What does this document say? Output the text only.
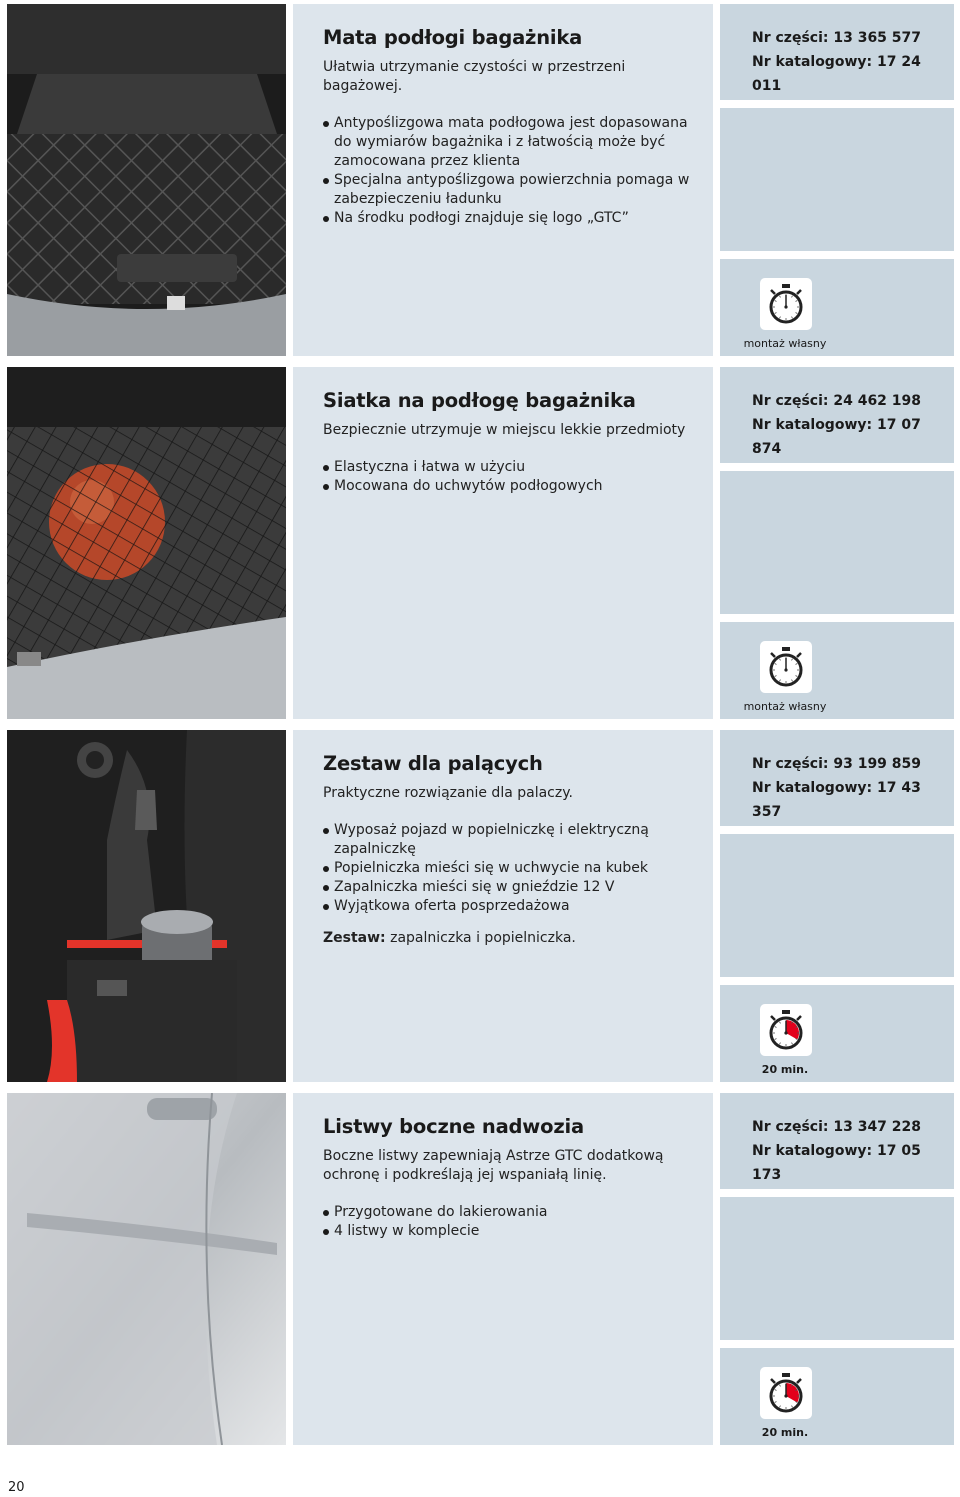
Mata podłogi bagażnika
Ułatwia utrzymanie czystości w przestrzeni bagażowej.
Antypoślizgowa mata podłogowa jest dopasowana do wymiarów bagażnika i z łatwością może być zamocowana przez klienta
Specjalna antypoślizgowa powierzchnia pomaga w zabezpieczeniu ładunku
Na środku podłogi znajduje się logo „GTC”
Nr części: 13 365 577
Nr katalogowy: 17 24 011
montaż własny
Siatka na podłogę bagażnika
Bezpiecznie utrzymuje w miejscu lekkie przedmioty
Elastyczna i łatwa w użyciu
Mocowana do uchwytów podłogowych
Nr części: 24 462 198
Nr katalogowy: 17 07 874
montaż własny
Zestaw dla palących
Praktyczne rozwiązanie dla palaczy.
Wyposaż pojazd w popielniczkę i elektryczną zapalniczkę
Popielniczka mieści się w uchwycie na kubek
Zapalniczka mieści się w gnieździe 12 V
Wyjątkowa oferta posprzedażowa
Zestaw: zapalniczka i popielniczka.
Nr części: 93 199 859
Nr katalogowy: 17 43 357
20 min.
Listwy boczne nadwozia
Boczne listwy zapewniają Astrze GTC dodatkową ochronę i podkreślają jej wspaniałą linię.
Przygotowane do lakierowania
4 listwy w komplecie
Nr części: 13 347 228
Nr katalogowy: 17 05 173
20 min.
20
